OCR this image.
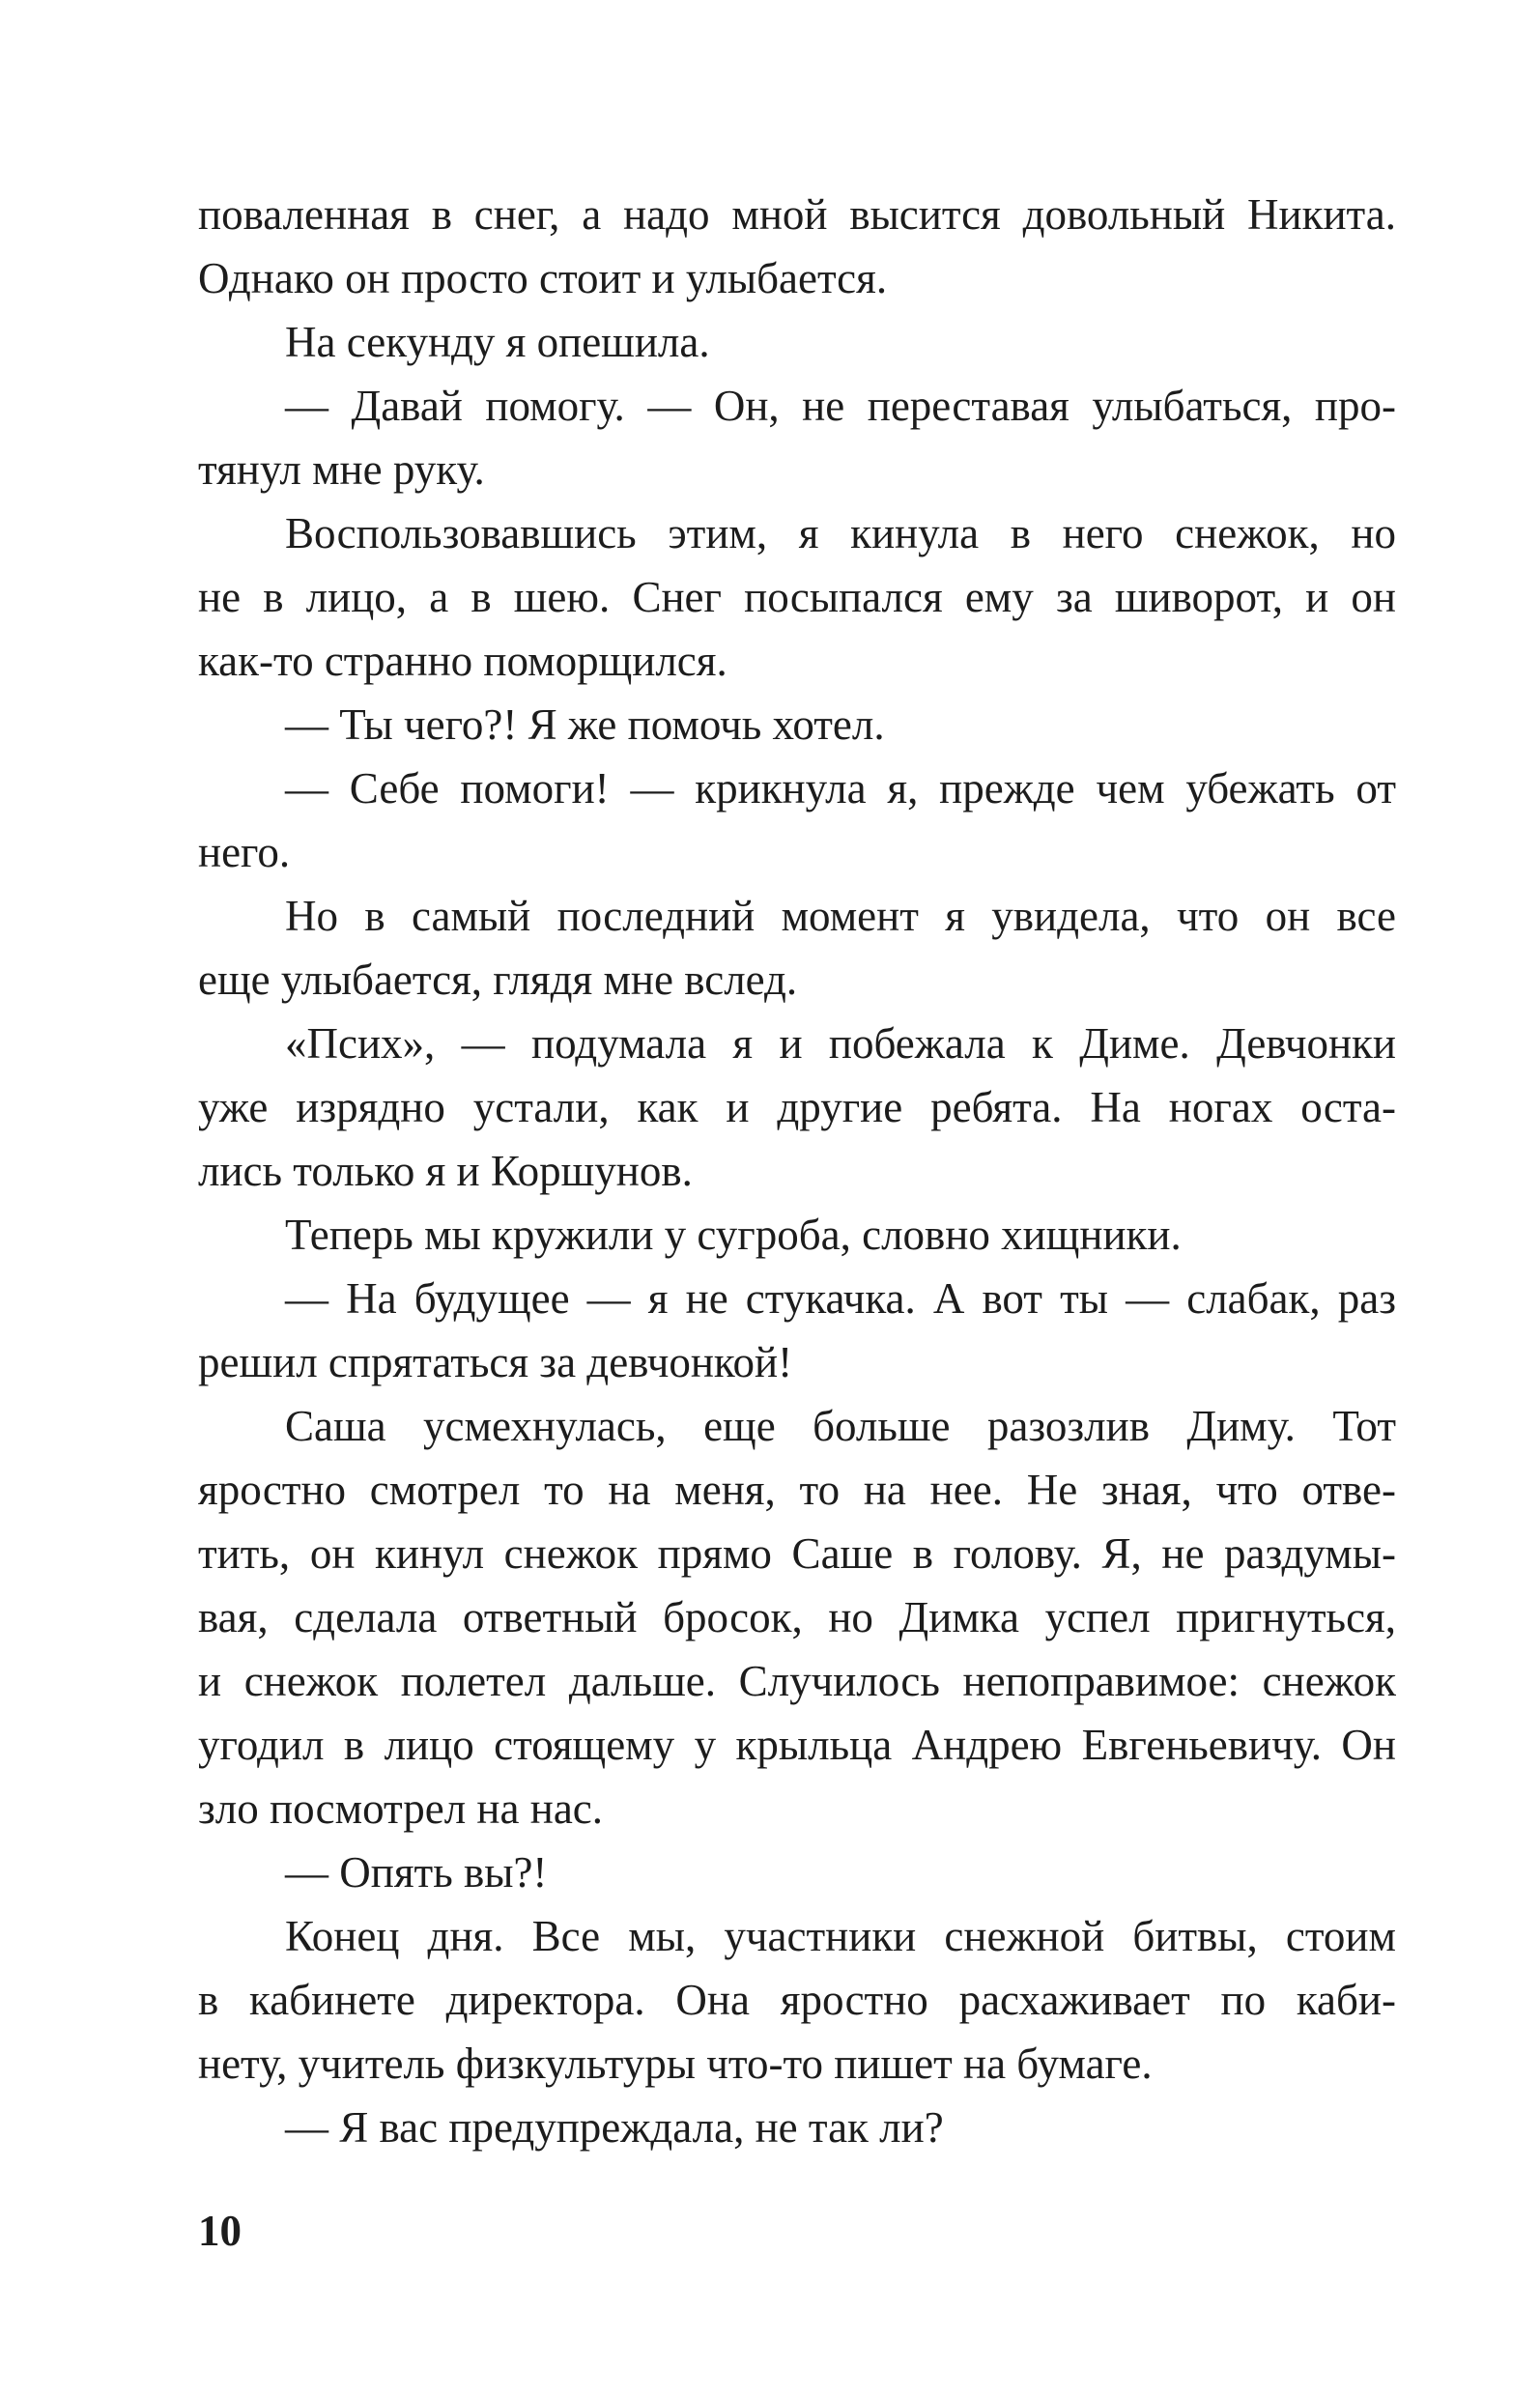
поваленная в снег, а надо мной высится довольный Никита.
Однако он просто стоит и улыбается.
На секунду я опешила.
— Давай помогу. — Он, не переставая улыбаться, про-
тянул мне руку.
Воспользовавшись этим, я кинула в него снежок, но
не в лицо, а в шею. Снег посыпался ему за шиворот, и он
как-то странно поморщился.
— Ты чего?! Я же помочь хотел.
— Себе помоги! — крикнула я, прежде чем убежать от
него.
Но в самый последний момент я увидела, что он все
еще улыбается, глядя мне вслед.
«Псих», — подумала я и побежала к Диме. Девчонки
уже изрядно устали, как и другие ребята. На ногах оста-
лись только я и Коршунов.
Теперь мы кружили у сугроба, словно хищники.
— На будущее — я не стукачка. А вот ты — слабак, раз
решил спрятаться за девчонкой!
Саша усмехнулась, еще больше разозлив Диму. Тот
яростно смотрел то на меня, то на нее. Не зная, что отве-
тить, он кинул снежок прямо Саше в голову. Я, не раздумы-
вая, сделала ответный бросок, но Димка успел пригнуться,
и снежок полетел дальше. Случилось непоправимое: снежок
угодил в лицо стоящему у крыльца Андрею Евгеньевичу. Он
зло посмотрел на нас.
— Опять вы?!
Конец дня. Все мы, участники снежной битвы, стоим
в кабинете директора. Она яростно расхаживает по каби-
нету, учитель физкультуры что-то пишет на бумаге.
— Я вас предупреждала, не так ли?
10
